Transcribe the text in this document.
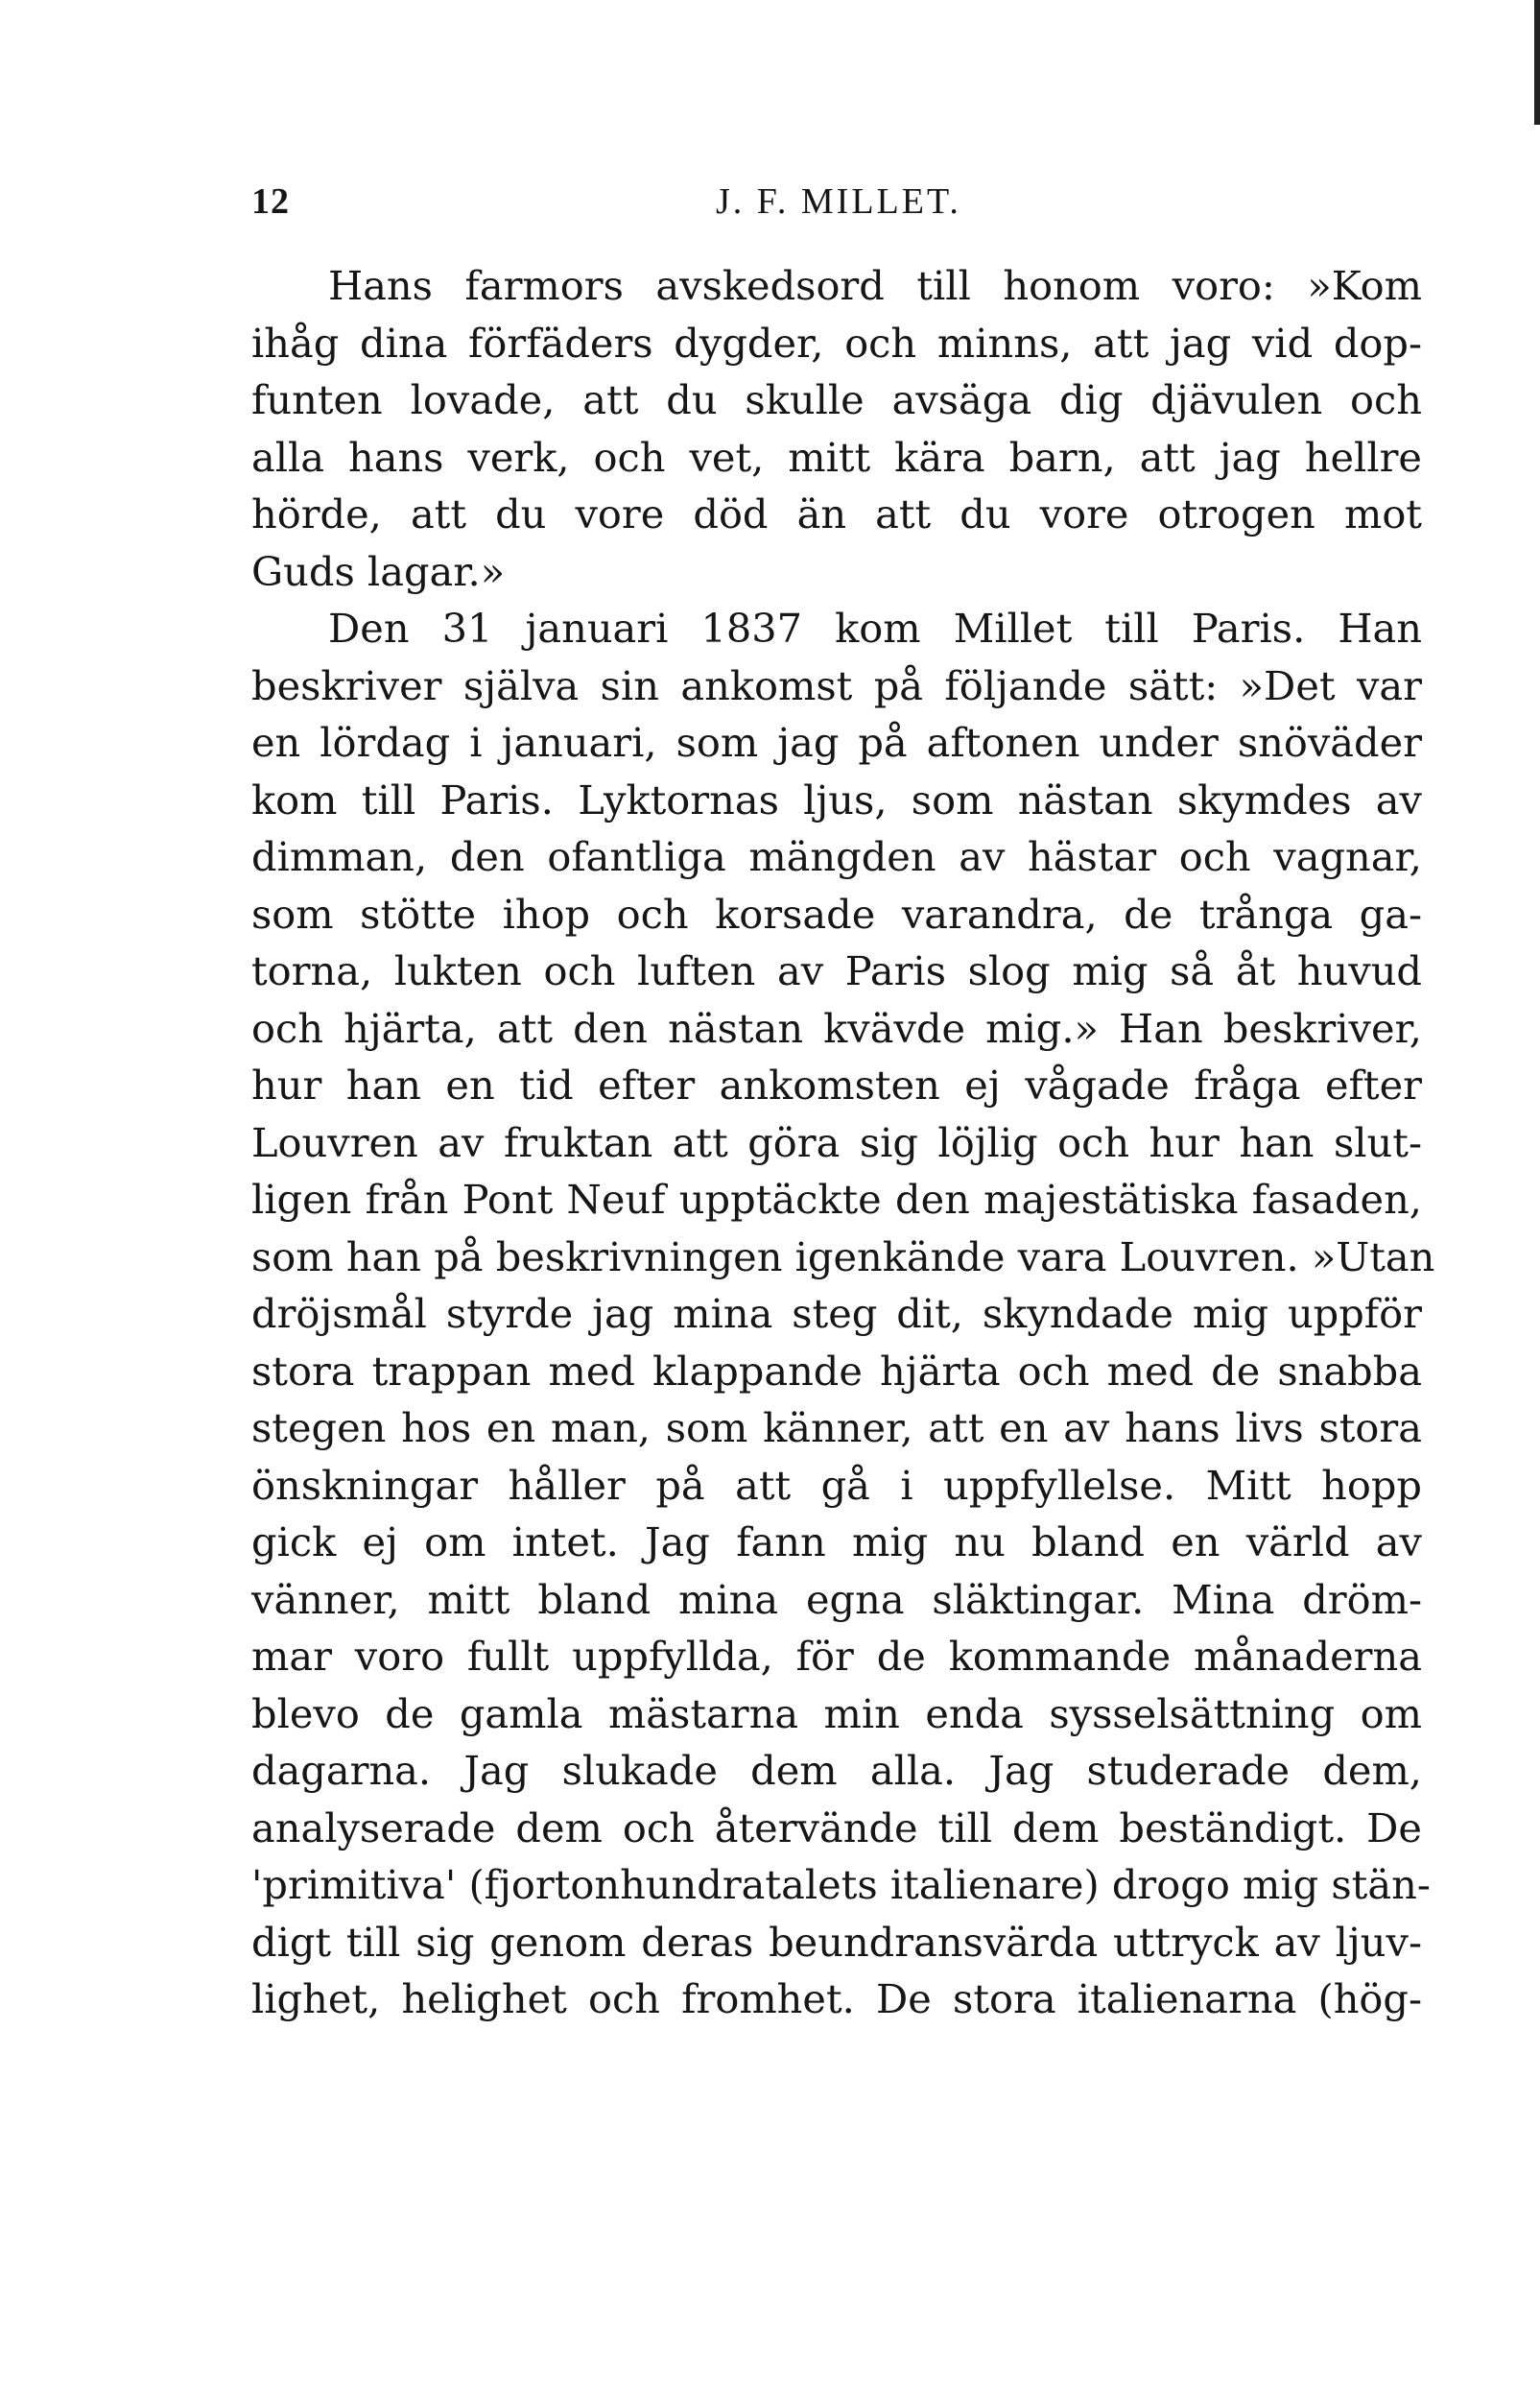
12	J. F. MILLET.
Hans farmors avskedsord till honom voro: »Kom
ihåg dina förfäders dygder, och minns, att jag vid dop-
funten lovade, att du skulle avsäga dig djävulen och
alla hans verk, och vet, mitt kära barn, att jag hellre
hörde, att du vore död än att du vore otrogen mot
Guds lagar.»
Den 31 januari 1837 kom Millet till Paris. Han
beskriver själva sin ankomst på följande sätt: »Det var
en lördag i januari, som jag på aftonen under snöväder
kom till Paris. Lyktornas ljus, som nästan skymdes av
dimman, den ofantliga mängden av hästar och vagnar,
som stötte ihop och korsade varandra, de trånga ga-
torna, lukten och luften av Paris slog mig så åt huvud
och hjärta, att den nästan kvävde mig.» Han beskriver,
hur han en tid efter ankomsten ej vågade fråga efter
Louvren av fruktan att göra sig löjlig och hur han slut-
ligen från Pont Neuf upptäckte den majestätiska fasaden,
som han på beskrivningen igenkände vara Louvren. »Utan
dröjsmål styrde jag mina steg dit, skyndade mig uppför
stora trappan med klappande hjärta och med de snabba
stegen hos en man, som känner, att en av hans livs stora
önskningar håller på att gå i uppfyllelse. Mitt hopp
gick ej om intet. Jag fann mig nu bland en värld av
vänner, mitt bland mina egna släktingar. Mina dröm-
mar voro fullt uppfyllda, för de kommande månaderna
blevo de gamla mästarna min enda sysselsättning om
dagarna. Jag slukade dem alla. Jag studerade dem,
analyserade dem och återvände till dem beständigt. De
'primitiva' (fjortonhundratalets italienare) drogo mig stän-
digt till sig genom deras beundransvärda uttryck av ljuv-
lighet, helighet och fromhet. De stora italienarna (hög-
